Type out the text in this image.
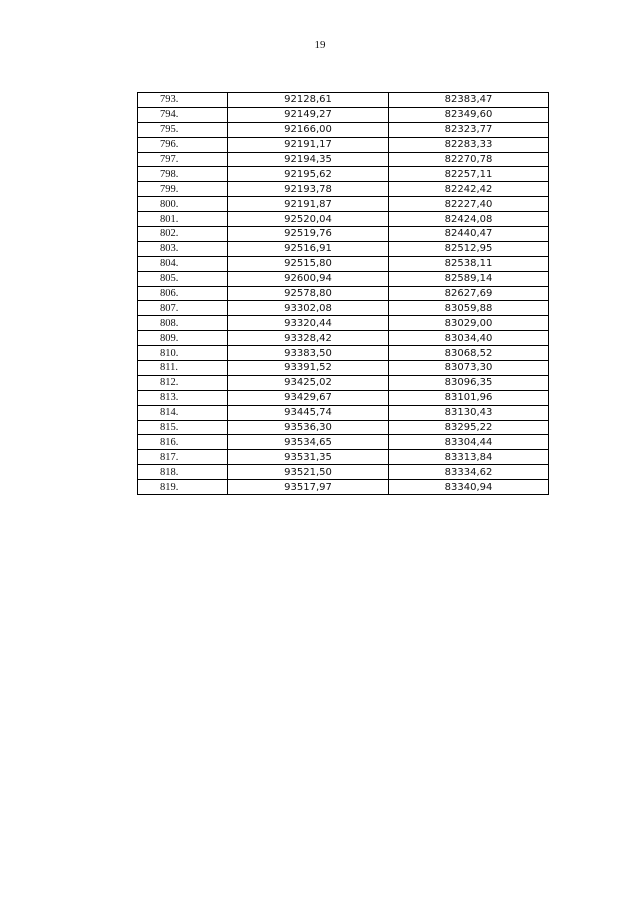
19
793.	92128,61	82383,47
794.	92149,27	82349,60
795.	92166,00	82323,77
796.	92191,17	82283,33
797.	92194,35	82270,78
798.	92195,62	82257,11
799.	92193,78	82242,42
800.	92191,87	82227,40
801.	92520,04	82424,08
802.	92519,76	82440,47
803.	92516,91	82512,95
804.	92515,80	82538,11
805.	92600,94	82589,14
806.	92578,80	82627,69
807.	93302,08	83059,88
808.	93320,44	83029,00
809.	93328,42	83034,40
810.	93383,50	83068,52
811.	93391,52	83073,30
812.	93425,02	83096,35
813.	93429,67	83101,96
814.	93445,74	83130,43
815.	93536,30	83295,22
816.	93534,65	83304,44
817.	93531,35	83313,84
818.	93521,50	83334,62
819.	93517,97	83340,94
